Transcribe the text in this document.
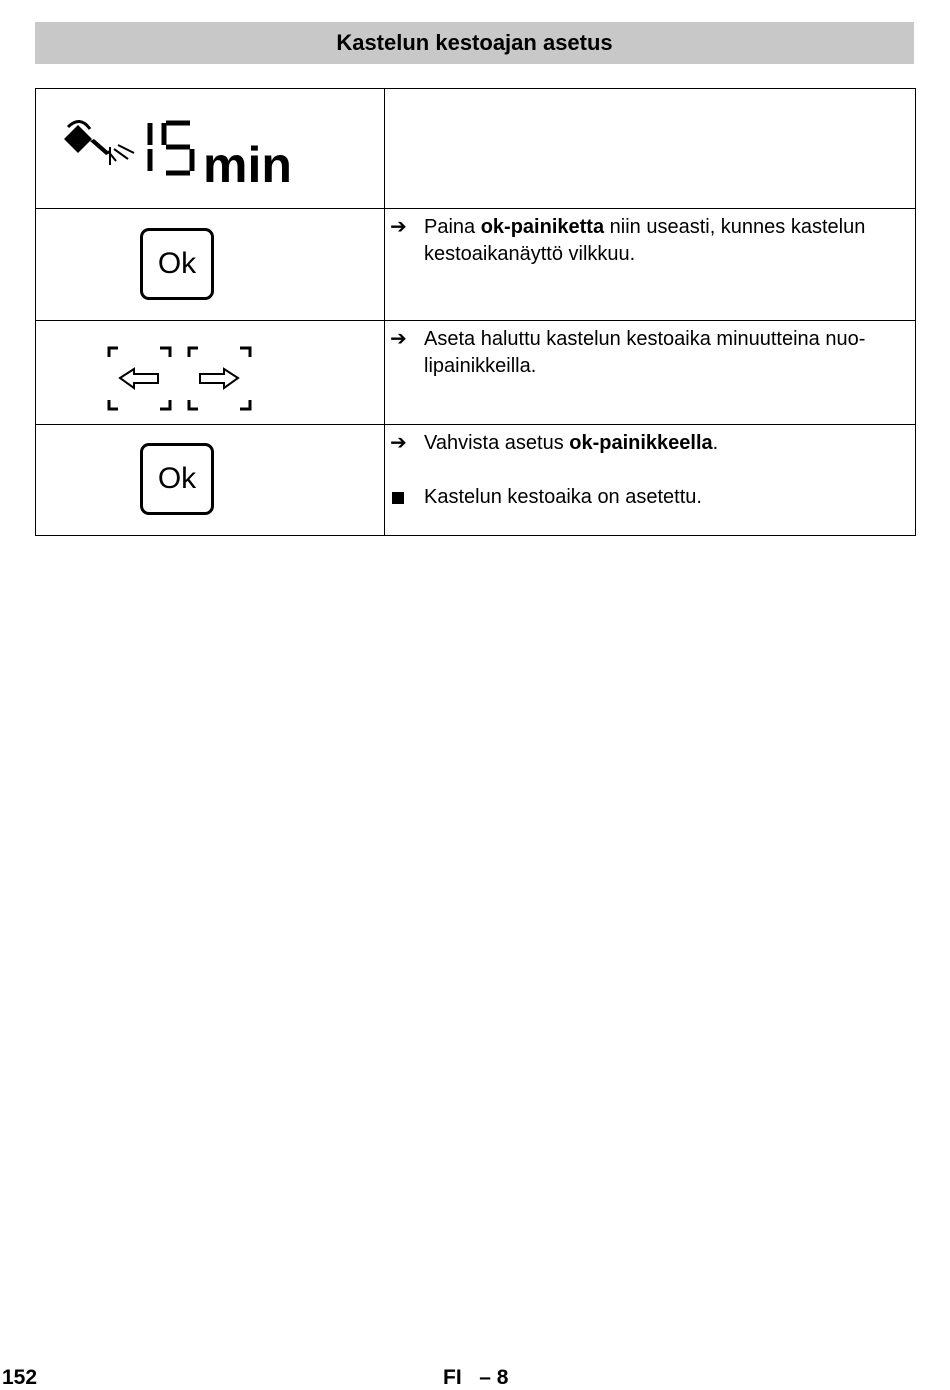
Kastelun kestoajan asetus
min	

Ok	➔ Paina ok-painiketta niin useasti, kunnes kastelun kestoaikanäyttö vilkkuu.

➔ Aseta haluttu kastelun kestoaika minuutteina nuo-lipainikkeilla.

Ok	➔ Vahvista asetus ok-painikkeella.
Kastelun kestoaika on asetettu.
152	FI – 8
